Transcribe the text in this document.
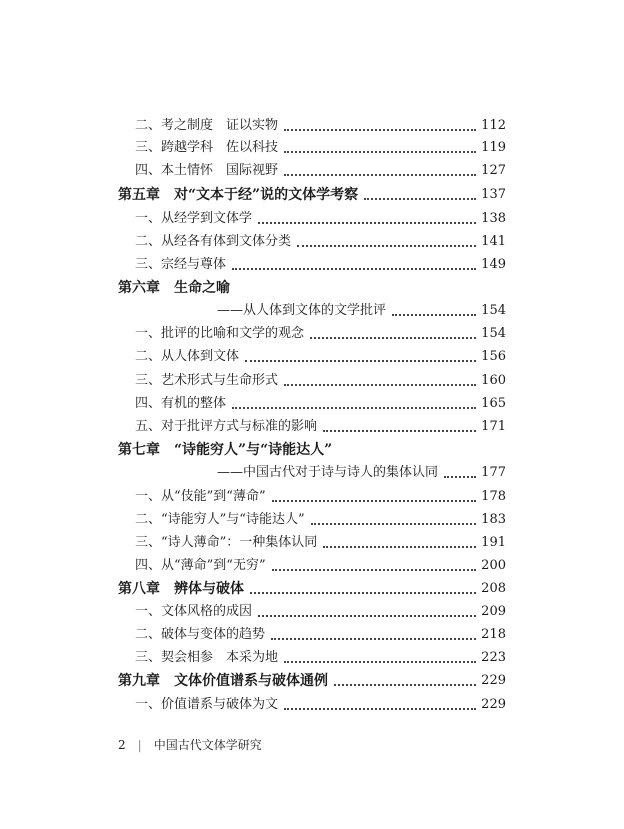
二、考之制度　证以实物	112
三、跨越学科　佐以科技	119
四、本土情怀　国际视野	127
第五章　对“文本于经”说的文体学考察	137
一、从经学到文体学	138
二、从经各有体到文体分类	141
三、宗经与尊体	149
第六章　生命之喻
——从人体到文体的文学批评	154
一、批评的比喻和文学的观念	154
二、从人体到文体	156
三、艺术形式与生命形式	160
四、有机的整体	165
五、对于批评方式与标准的影响	171
第七章　“诗能穷人”与“诗能达人”
——中国古代对于诗与诗人的集体认同	177
一、从“伎能”到“薄命”	178
二、“诗能穷人”与“诗能达人”	183
三、“诗人薄命”：一种集体认同	191
四、从“薄命”到“无穷”	200
第八章　辨体与破体	208
一、文体风格的成因	209
二、破体与变体的趋势	218
三、契会相参　本采为地	223
第九章　文体价值谱系与破体通例	229
一、价值谱系与破体为文	229
2 | 中国古代文体学研究
